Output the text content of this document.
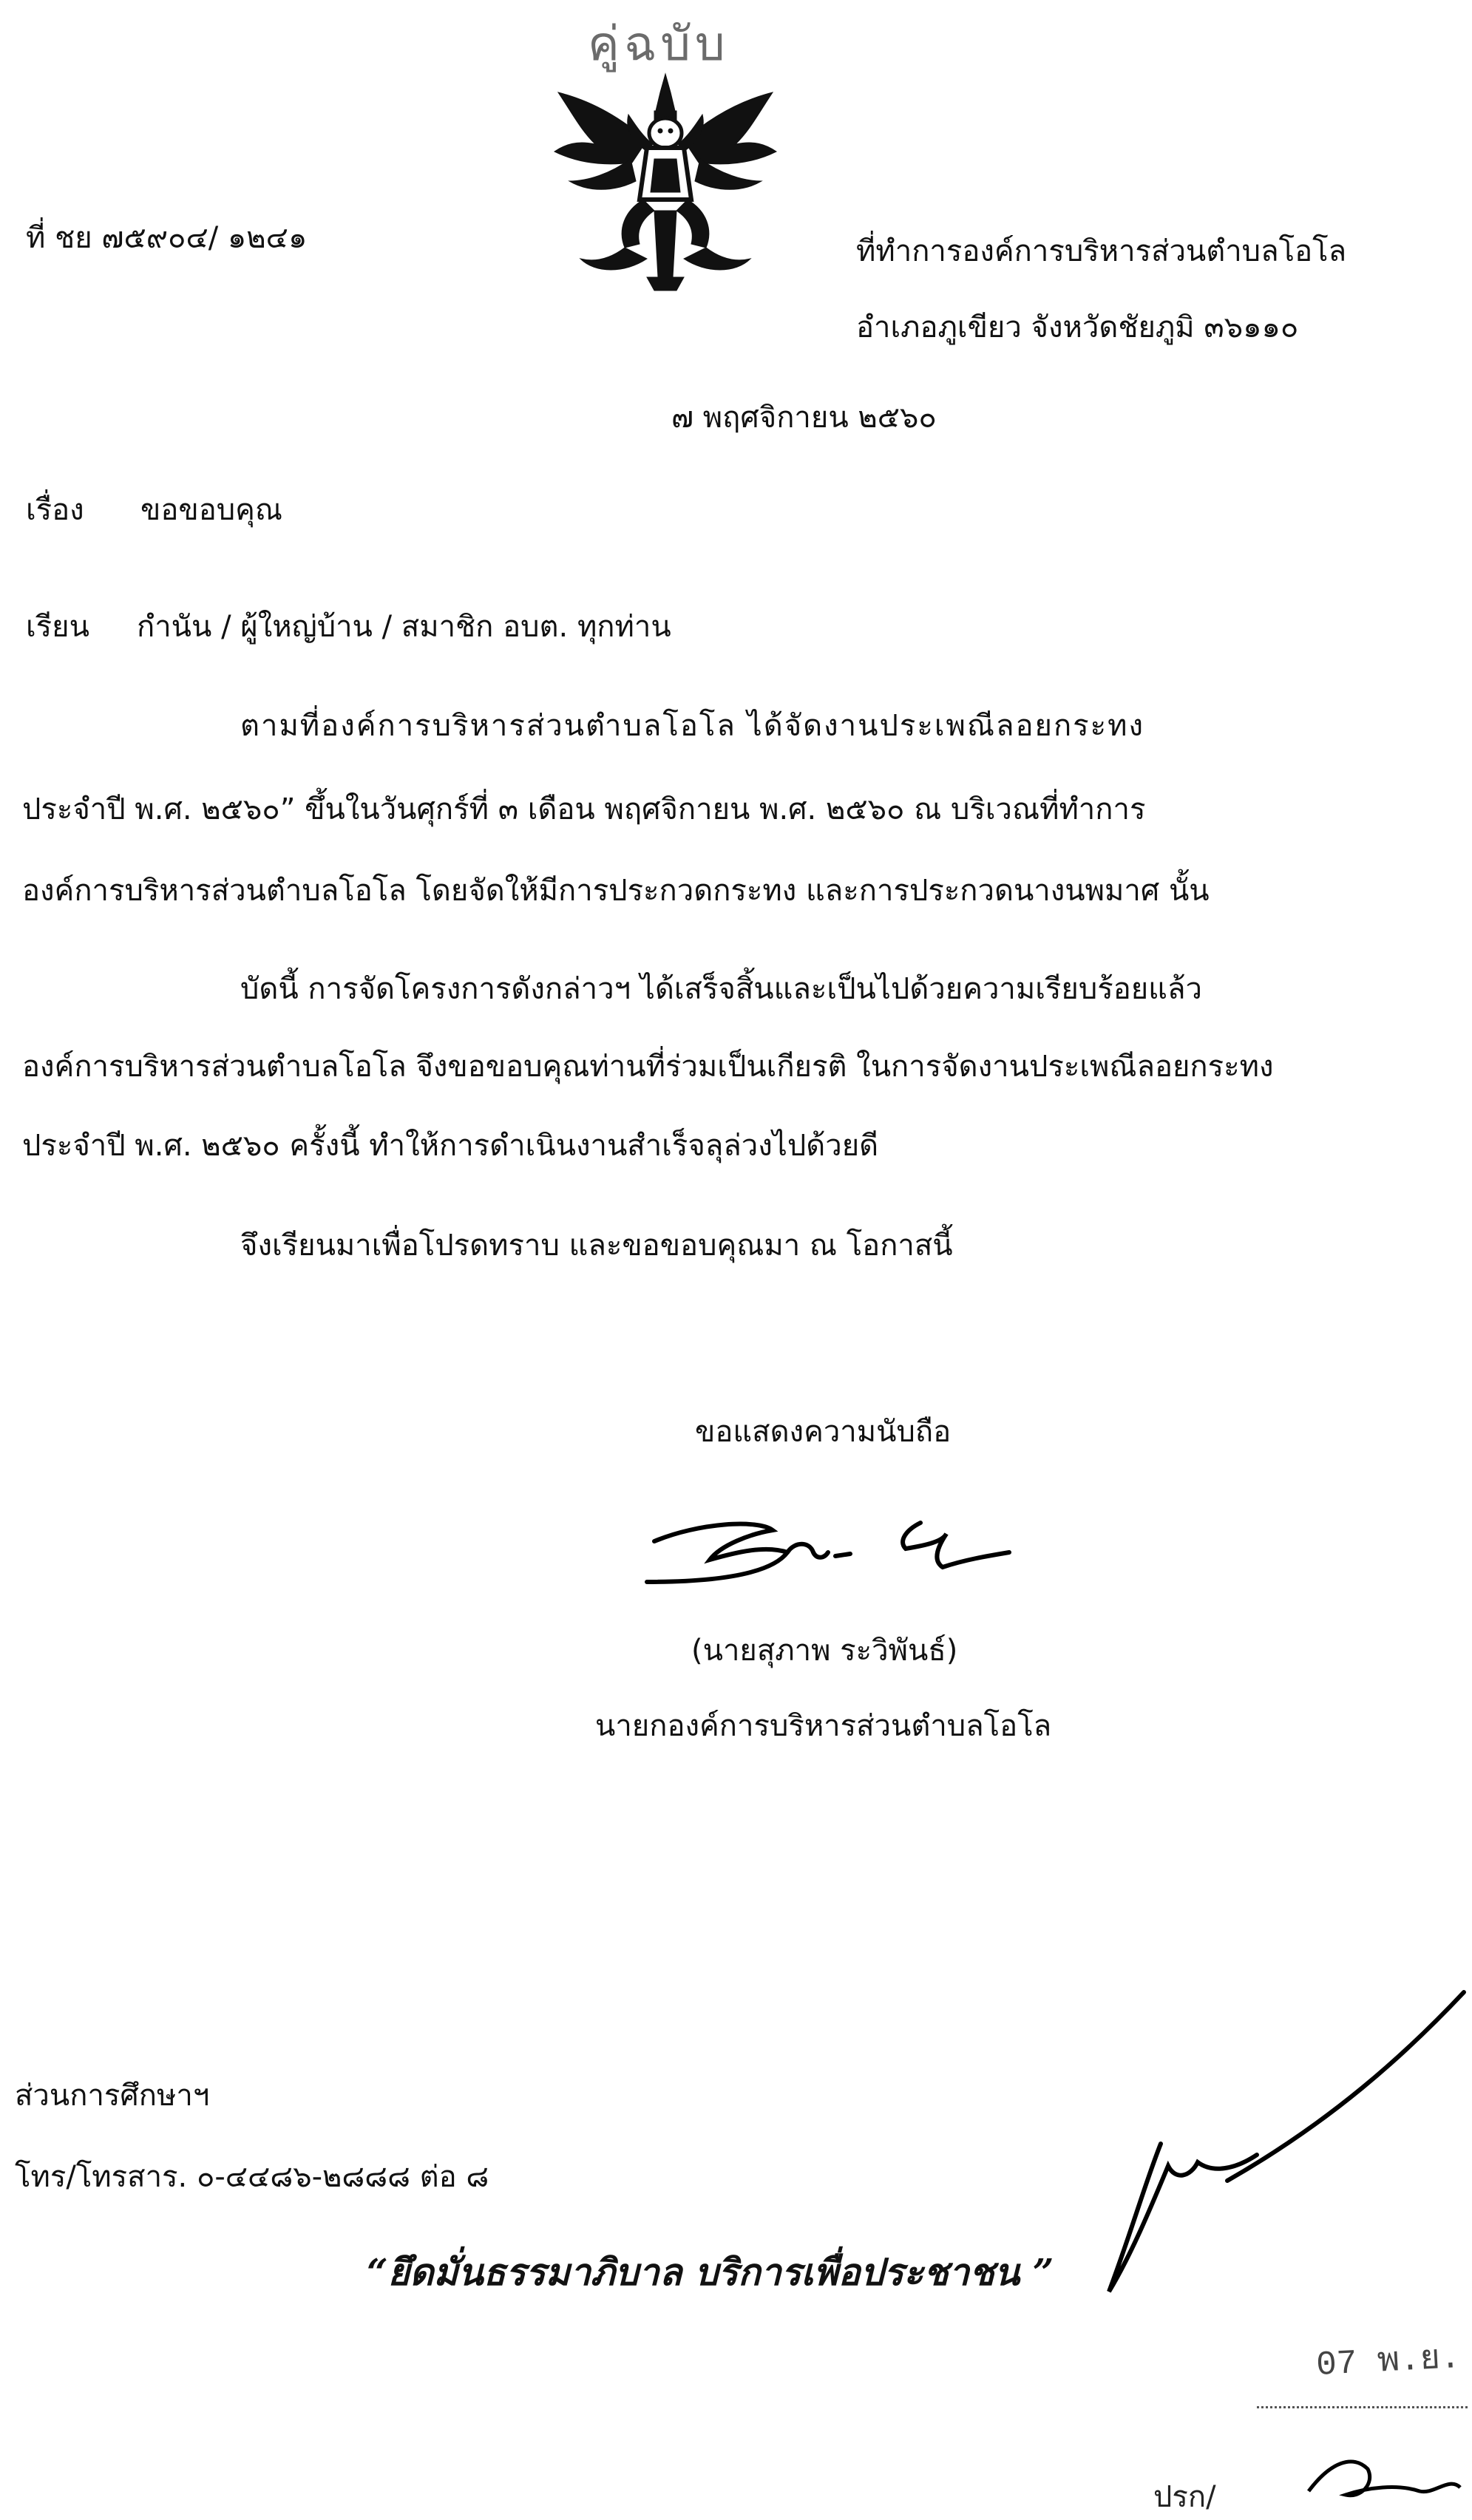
คู่ฉบับ
ที่ ชย ๗๕๙๐๔/ ๑๒๔๑	ที่ทำการองค์การบริหารส่วนตำบลโอโล
อำเภอภูเขียว จังหวัดชัยภูมิ ๓๖๑๑๐
๗ พฤศจิกายน ๒๕๖๐
เรื่อง ขอขอบคุณ
เรียน กำนัน / ผู้ใหญ่บ้าน / สมาชิก อบต. ทุกท่าน
ตามที่องค์การบริหารส่วนตำบลโอโล ได้จัดงานประเพณีลอยกระทง
ประจำปี พ.ศ. ๒๕๖๐” ขึ้นในวันศุกร์ที่ ๓ เดือน พฤศจิกายน พ.ศ. ๒๕๖๐ ณ บริเวณที่ทำการ
องค์การบริหารส่วนตำบลโอโล โดยจัดให้มีการประกวดกระทง และการประกวดนางนพมาศ นั้น
บัดนี้ การจัดโครงการดังกล่าวฯ ได้เสร็จสิ้นและเป็นไปด้วยความเรียบร้อยแล้ว
องค์การบริหารส่วนตำบลโอโล จึงขอขอบคุณท่านที่ร่วมเป็นเกียรติ ในการจัดงานประเพณีลอยกระทง
ประจำปี พ.ศ. ๒๕๖๐ ครั้งนี้ ทำให้การดำเนินงานสำเร็จลุล่วงไปด้วยดี
จึงเรียนมาเพื่อโปรดทราบ และขอขอบคุณมา ณ โอกาสนี้
ขอแสดงความนับถือ
(นายสุภาพ ระวิพันธ์)
นายกองค์การบริหารส่วนตำบลโอโล
ส่วนการศึกษาฯ
โทร/โทรสาร. ๐-๔๔๘๖-๒๘๘๘ ต่อ ๘
“ยึดมั่นธรรมาภิบาล บริการเพื่อประชาชน ”
07 พ.ย.
ปรก/
